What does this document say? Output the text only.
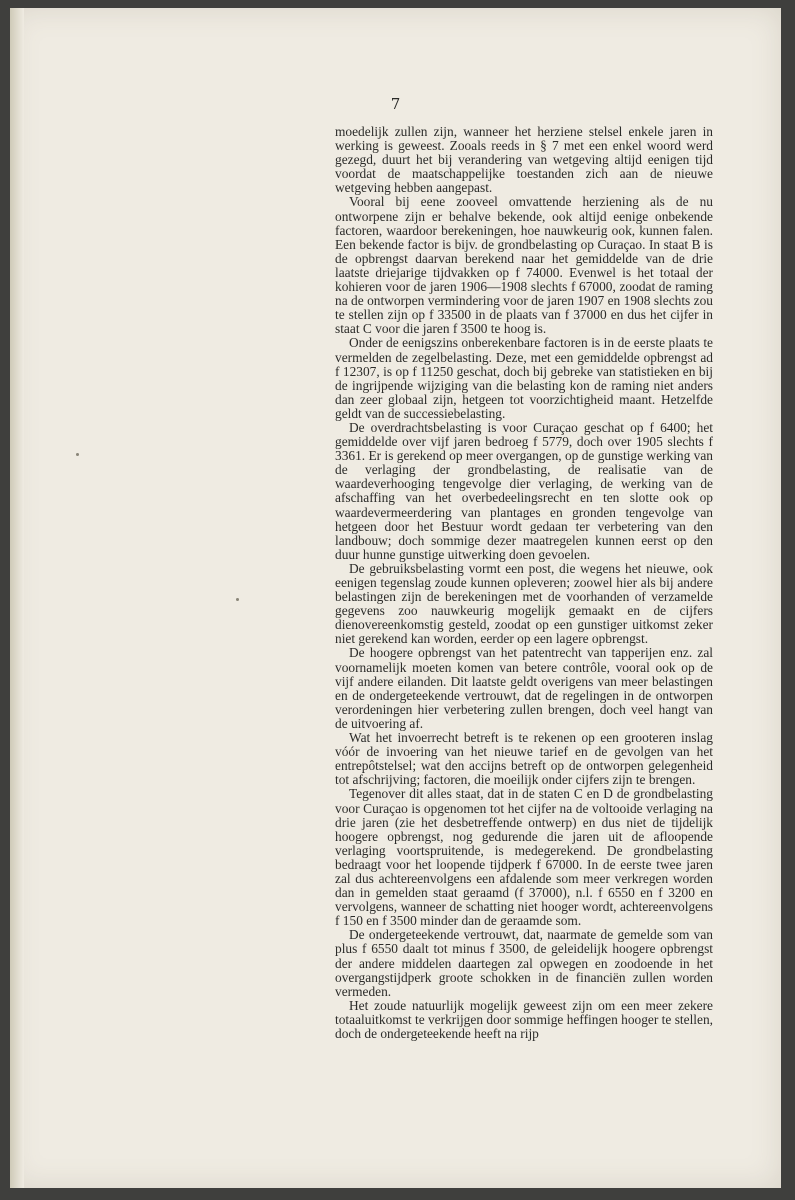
7

moedelijk zullen zijn, wanneer het herziene stelsel enkele jaren in werking is geweest. Zooals reeds in § 7 met een enkel woord werd gezegd, duurt het bij verandering van wetgeving altijd eenigen tijd voordat de maatschappelijke toestanden zich aan de nieuwe wetgeving hebben aangepast.

Vooral bij eene zooveel omvattende herziening als de nu ontworpene zijn er behalve bekende, ook altijd eenige onbekende factoren, waardoor berekeningen, hoe nauwkeurig ook, kunnen falen. Een bekende factor is bijv. de grondbelasting op Curaçao. In staat B is de opbrengst daarvan berekend naar het gemiddelde van de drie laatste driejarige tijdvakken op f 74000. Evenwel is het totaal der kohieren voor de jaren 1906—1908 slechts f 67000, zoodat de raming na de ontworpen vermindering voor de jaren 1907 en 1908 slechts zou te stellen zijn op f 33500 in de plaats van f 37000 en dus het cijfer in staat C voor die jaren f 3500 te hoog is.

Onder de eenigszins onberekenbare factoren is in de eerste plaats te vermelden de zegelbelasting. Deze, met een gemiddelde opbrengst ad f 12307, is op f 11250 geschat, doch bij gebreke van statistieken en bij de ingrijpende wijziging van die belasting kon de raming niet anders dan zeer globaal zijn, hetgeen tot voorzichtigheid maant. Hetzelfde geldt van de successiebelasting.

De overdrachtsbelasting is voor Curaçao geschat op f 6400; het gemiddelde over vijf jaren bedroeg f 5779, doch over 1905 slechts f 3361. Er is gerekend op meer overgangen, op de gunstige werking van de verlaging der grondbelasting, de realisatie van de waardeverhooging tengevolge dier verlaging, de werking van de afschaffing van het overbedeelingsrecht en ten slotte ook op waardevermeerdering van plantages en gronden tengevolge van hetgeen door het Bestuur wordt gedaan ter verbetering van den landbouw; doch sommige dezer maatregelen kunnen eerst op den duur hunne gunstige uitwerking doen gevoelen.

De gebruiksbelasting vormt een post, die wegens het nieuwe, ook eenigen tegenslag zoude kunnen opleveren; zoowel hier als bij andere belastingen zijn de berekeningen met de voorhanden of verzamelde gegevens zoo nauwkeurig mogelijk gemaakt en de cijfers dienovereenkomstig gesteld, zoodat op een gunstiger uitkomst zeker niet gerekend kan worden, eerder op een lagere opbrengst.

De hoogere opbrengst van het patentrecht van tapperijen enz. zal voornamelijk moeten komen van betere contrôle, vooral ook op de vijf andere eilanden. Dit laatste geldt overigens van meer belastingen en de ondergeteekende vertrouwt, dat de regelingen in de ontworpen verordeningen hier verbetering zullen brengen, doch veel hangt van de uitvoering af.

Wat het invoerrecht betreft is te rekenen op een grooteren inslag vóór de invoering van het nieuwe tarief en de gevolgen van het entrepôtstelsel; wat den accijns betreft op de ontworpen gelegenheid tot afschrijving; factoren, die moeilijk onder cijfers zijn te brengen.

Tegenover dit alles staat, dat in de staten C en D de grondbelasting voor Curaçao is opgenomen tot het cijfer na de voltooide verlaging na drie jaren (zie het desbetreffende ontwerp) en dus niet de tijdelijk hoogere opbrengst, nog gedurende die jaren uit de afloopende verlaging voortspruitende, is medegerekend. De grondbelasting bedraagt voor het loopende tijdperk f 67000. In de eerste twee jaren zal dus achtereenvolgens een afdalende som meer verkregen worden dan in gemelden staat geraamd (f 37000), n.l. f 6550 en f 3200 en vervolgens, wanneer de schatting niet hooger wordt, achtereenvolgens f 150 en f 3500 minder dan de geraamde som.

De ondergeteekende vertrouwt, dat, naarmate de gemelde som van plus f 6550 daalt tot minus f 3500, de geleidelijk hoogere opbrengst der andere middelen daartegen zal opwegen en zoodoende in het overgangstijdperk groote schokken in de financiën zullen worden vermeden.

Het zoude natuurlijk mogelijk geweest zijn om een meer zekere totaaluitkomst te verkrijgen door sommige heffingen hooger te stellen, doch de ondergeteekende heeft na rijp
